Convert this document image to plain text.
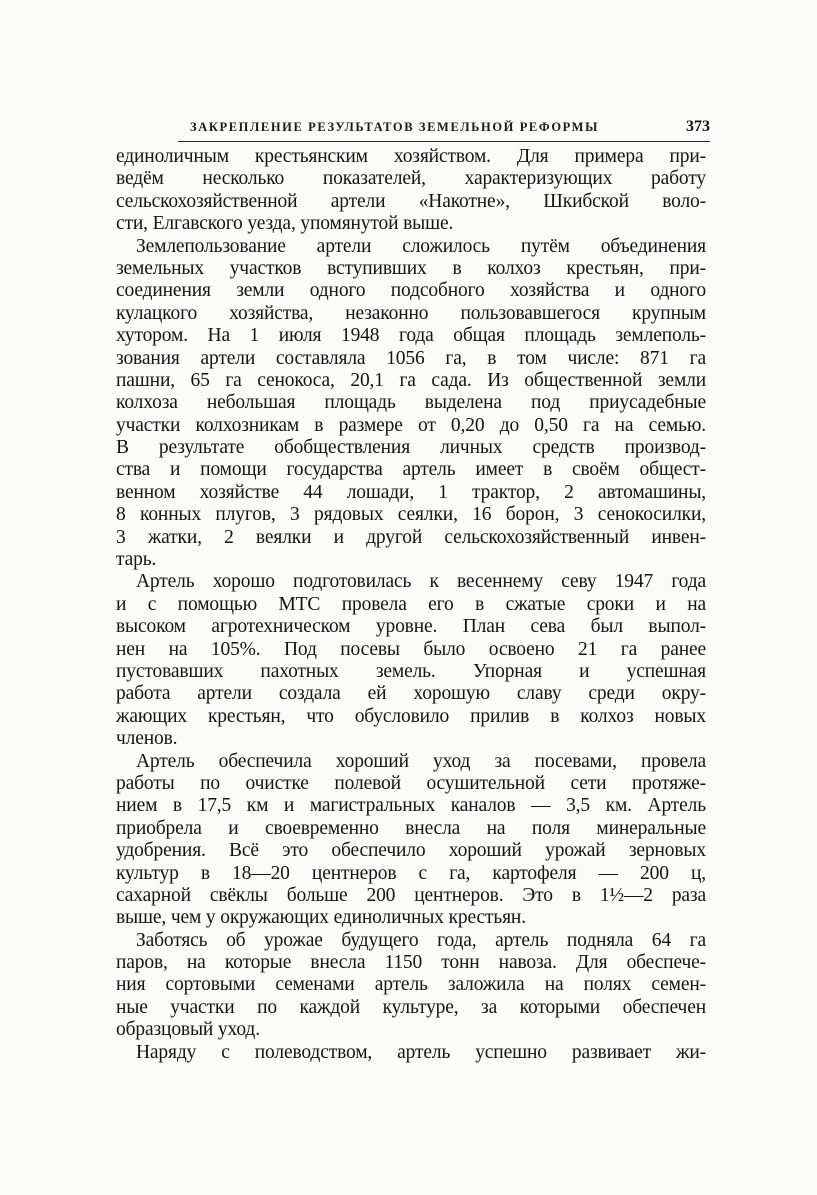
ЗАКРЕПЛЕНИЕ РЕЗУЛЬТАТОВ ЗЕМЕЛЬНОЙ РЕФОРМЫ	373
единоличным крестьянским хозяйством. Для примера при-
ведём несколько показателей, характеризующих работу
сельскохозяйственной артели «Накотне», Шкибской воло-
сти, Елгавского уезда, упомянутой выше.
Землепользование артели сложилось путём объединения
земельных участков вступивших в колхоз крестьян, при-
соединения земли одного подсобного хозяйства и одного
кулацкого хозяйства, незаконно пользовавшегося крупным
хутором. На 1 июля 1948 года общая площадь землеполь-
зования артели составляла 1056 га, в том числе: 871 га
пашни, 65 га сенокоса, 20,1 га сада. Из общественной земли
колхоза небольшая площадь выделена под приусадебные
участки колхозникам в размере от 0,20 до 0,50 га на семью.
В результате обобществления личных средств производ-
ства и помощи государства артель имеет в своём общест-
венном хозяйстве 44 лошади, 1 трактор, 2 автомашины,
8 конных плугов, 3 рядовых сеялки, 16 борон, 3 сенокосилки,
3 жатки, 2 веялки и другой сельскохозяйственный инвен-
тарь.
Артель хорошо подготовилась к весеннему севу 1947 года
и с помощью МТС провела его в сжатые сроки и на
высоком агротехническом уровне. План сева был выпол-
нен на 105%. Под посевы было освоено 21 га ранее
пустовавших пахотных земель. Упорная и успешная
работа артели создала ей хорошую славу среди окру-
жающих крестьян, что обусловило прилив в колхоз новых
членов.
Артель обеспечила хороший уход за посевами, провела
работы по очистке полевой осушительной сети протяже-
нием в 17,5 км и магистральных каналов — 3,5 км. Артель
приобрела и своевременно внесла на поля минеральные
удобрения. Всё это обеспечило хороший урожай зерновых
культур в 18—20 центнеров с га, картофеля — 200 ц,
сахарной свёклы больше 200 центнеров. Это в 1½—2 раза
выше, чем у окружающих единоличных крестьян.
Заботясь об урожае будущего года, артель подняла 64 га
паров, на которые внесла 1150 тонн навоза. Для обеспече-
ния сортовыми семенами артель заложила на полях семен-
ные участки по каждой культуре, за которыми обеспечен
образцовый уход.
Наряду с полеводством, артель успешно развивает жи-
